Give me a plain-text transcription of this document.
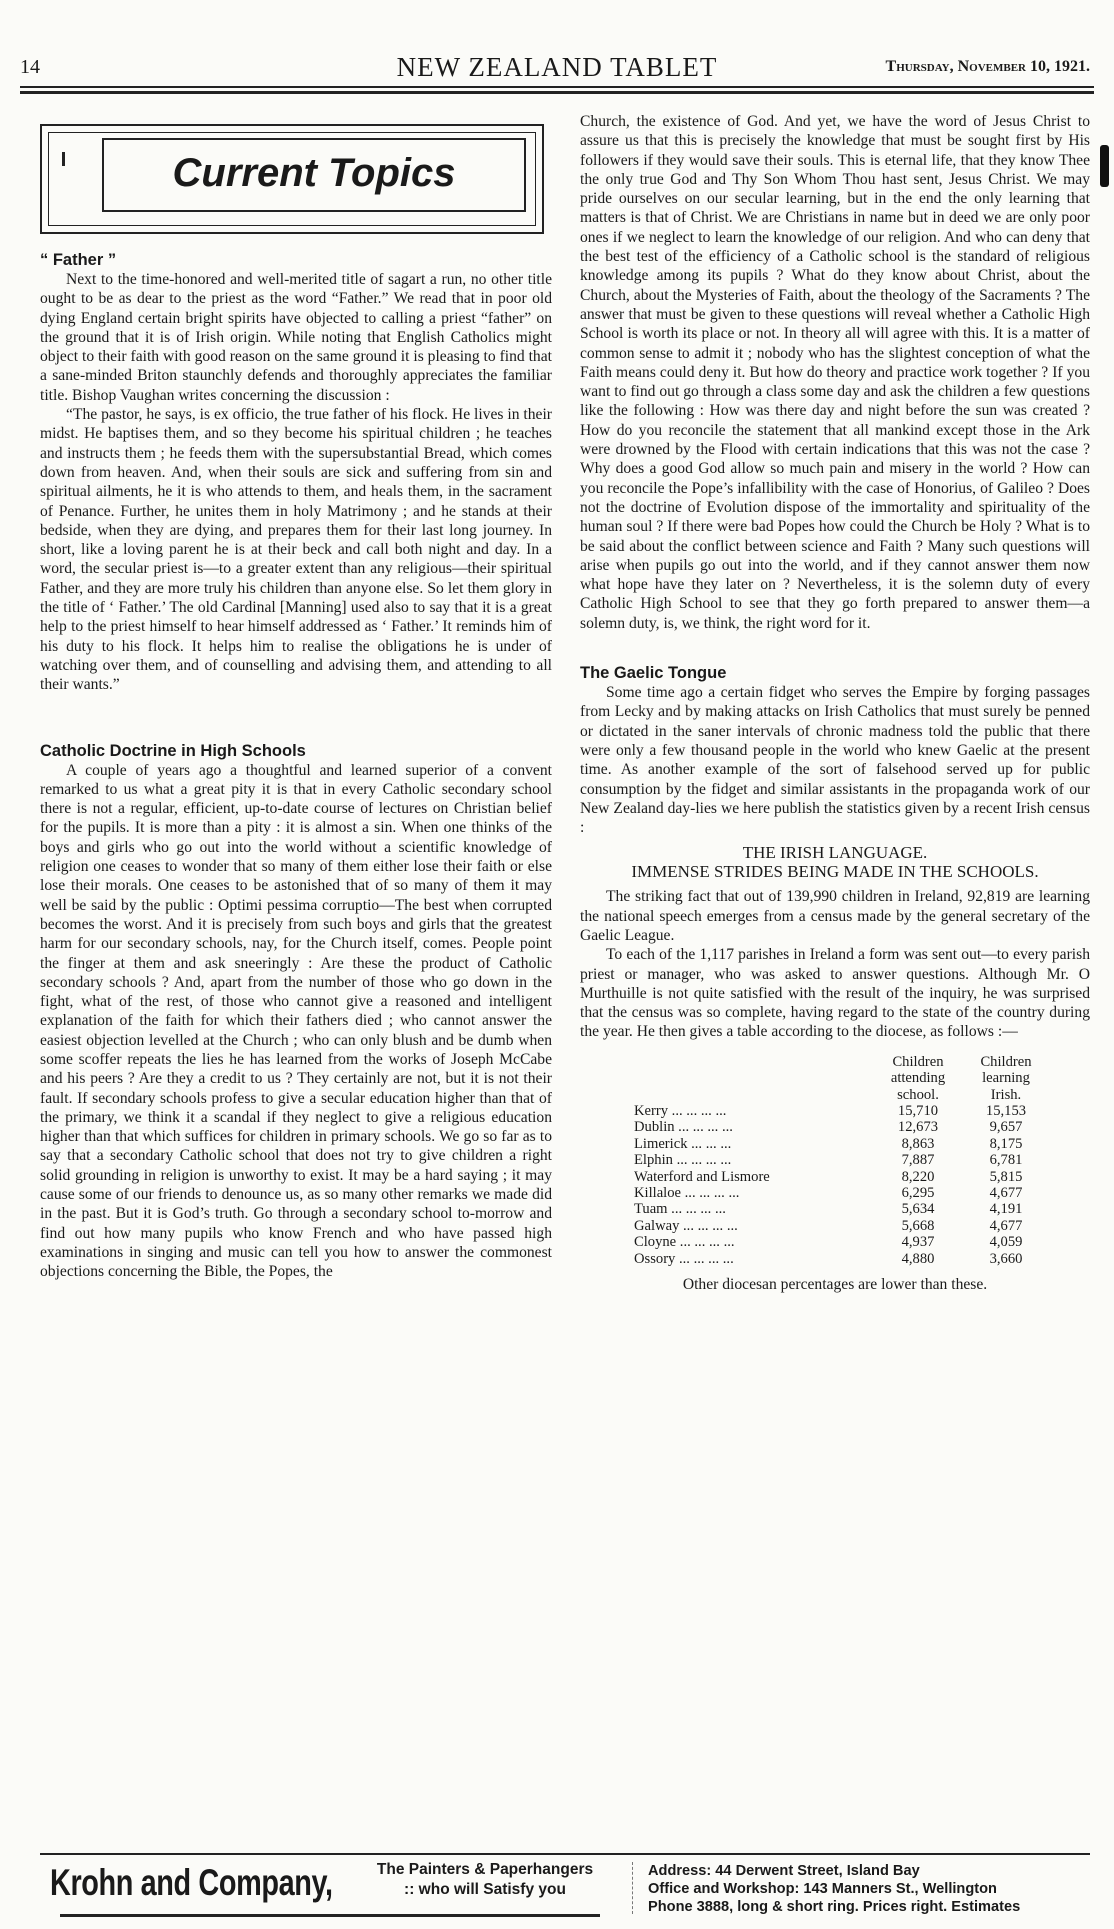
14	NEW ZEALAND TABLET	Thursday, November 10, 1921.
Current Topics
“ Father ”

Next to the time-honored and well-merited title of sagart a run, no other title ought to be as dear to the priest as the word “Father.” We read that in poor old dying England certain bright spirits have objected to calling a priest “father” on the ground that it is of Irish origin. While noting that English Catholics might object to their faith with good reason on the same ground it is pleasing to find that a sane-minded Briton staunchly defends and thoroughly appreciates the familiar title. Bishop Vaughan writes concerning the discussion :

“The pastor, he says, is ex officio, the true father of his flock. He lives in their midst. He baptises them, and so they become his spiritual children ; he teaches and instructs them ; he feeds them with the supersubstantial Bread, which comes down from heaven. And, when their souls are sick and suffering from sin and spiritual ailments, he it is who attends to them, and heals them, in the sacrament of Penance. Further, he unites them in holy Matrimony ; and he stands at their bedside, when they are dying, and prepares them for their last long journey. In short, like a loving parent he is at their beck and call both night and day. In a word, the secular priest is—to a greater extent than any religious—their spiritual Father, and they are more truly his children than anyone else. So let them glory in the title of ‘ Father.’ The old Cardinal [Manning] used also to say that it is a great help to the priest himself to hear himself addressed as ‘ Father.’ It reminds him of his duty to his flock. It helps him to realise the obligations he is under of watching over them, and of counselling and advising them, and attending to all their wants.”

Catholic Doctrine in High Schools

A couple of years ago a thoughtful and learned superior of a convent remarked to us what a great pity it is that in every Catholic secondary school there is not a regular, efficient, up-to-date course of lectures on Christian belief for the pupils. It is more than a pity : it is almost a sin. When one thinks of the boys and girls who go out into the world without a scientific knowledge of religion one ceases to wonder that so many of them either lose their faith or else lose their morals. One ceases to be astonished that of so many of them it may well be said by the public : Optimi pessima corruptio—The best when corrupted becomes the worst. And it is precisely from such boys and girls that the greatest harm for our secondary schools, nay, for the Church itself, comes. People point the finger at them and ask sneeringly : Are these the product of Catholic secondary schools ? And, apart from the number of those who go down in the fight, what of the rest, of those who cannot give a reasoned and intelligent explanation of the faith for which their fathers died ; who cannot answer the easiest objection levelled at the Church ; who can only blush and be dumb when some scoffer repeats the lies he has learned from the works of Joseph McCabe and his peers ? Are they a credit to us ? They certainly are not, but it is not their fault. If secondary schools profess to give a secular education higher than that of the primary, we think it a scandal if they neglect to give a religious education higher than that which suffices for children in primary schools. We go so far as to say that a secondary Catholic school that does not try to give children a right solid grounding in religion is unworthy to exist. It may be a hard saying ; it may cause some of our friends to denounce us, as so many other remarks we made did in the past. But it is God’s truth. Go through a secondary school to-morrow and find out how many pupils who know French and who have passed high examinations in singing and music can tell you how to answer the commonest objections concerning the Bible, the Popes, the

Church, the existence of God. And yet, we have the word of Jesus Christ to assure us that this is precisely the knowledge that must be sought first by His followers if they would save their souls. This is eternal life, that they know Thee the only true God and Thy Son Whom Thou hast sent, Jesus Christ. We may pride ourselves on our secular learning, but in the end the only learning that matters is that of Christ. We are Christians in name but in deed we are only poor ones if we neglect to learn the knowledge of our religion. And who can deny that the best test of the efficiency of a Catholic school is the standard of religious knowledge among its pupils ? What do they know about Christ, about the Church, about the Mysteries of Faith, about the theology of the Sacraments ? The answer that must be given to these questions will reveal whether a Catholic High School is worth its place or not. In theory all will agree with this. It is a matter of common sense to admit it ; nobody who has the slightest conception of what the Faith means could deny it. But how do theory and practice work together ? If you want to find out go through a class some day and ask the children a few questions like the following : How was there day and night before the sun was created ? How do you reconcile the statement that all mankind except those in the Ark were drowned by the Flood with certain indications that this was not the case ? Why does a good God allow so much pain and misery in the world ? How can you reconcile the Pope’s infallibility with the case of Honorius, of Galileo ? Does not the doctrine of Evolution dispose of the immortality and spirituality of the human soul ? If there were bad Popes how could the Church be Holy ? What is to be said about the conflict between science and Faith ? Many such questions will arise when pupils go out into the world, and if they cannot answer them now what hope have they later on ? Nevertheless, it is the solemn duty of every Catholic High School to see that they go forth prepared to answer them—a solemn duty, is, we think, the right word for it.

The Gaelic Tongue

Some time ago a certain fidget who serves the Empire by forging passages from Lecky and by making attacks on Irish Catholics that must surely be penned or dictated in the saner intervals of chronic madness told the public that there were only a few thousand people in the world who knew Gaelic at the present time. As another example of the sort of falsehood served up for public consumption by the fidget and similar assistants in the propaganda work of our New Zealand day-lies we here publish the statistics given by a recent Irish census :

THE IRISH LANGUAGE.
IMMENSE STRIDES BEING MADE IN THE SCHOOLS.

The striking fact that out of 139,990 children in Ireland, 92,819 are learning the national speech emerges from a census made by the general secretary of the Gaelic League.

To each of the 1,117 parishes in Ireland a form was sent out—to every parish priest or manager, who was asked to answer questions. Although Mr. O Murthuille is not quite satisfied with the result of the inquiry, he was surprised that the census was so complete, having regard to the state of the country during the year. He then gives a table according to the diocese, as follows :—

	Children	Children
	attending	learning
	school.	Irish.
Kerry ... ... ... ...	15,710	15,153
Dublin ... ... ... ...	12,673	9,657
Limerick ... ... ...	8,863	8,175
Elphin ... ... ... ...	7,887	6,781
Waterford and Lismore	8,220	5,815
Killaloe ... ... ... ...	6,295	4,677
Tuam ... ... ... ...	5,634	4,191
Galway ... ... ... ...	5,668	4,677
Cloyne ... ... ... ...	4,937	4,059
Ossory ... ... ... ...	4,880	3,660

Other diocesan percentages are lower than these.

Krohn and Company,	The Painters & Paperhangers
:: who will Satisfy you
Address: 44 Derwent Street, Island Bay
Office and Workshop: 143 Manners St., Wellington
Phone 3888, long & short ring. Prices right. Estimates
